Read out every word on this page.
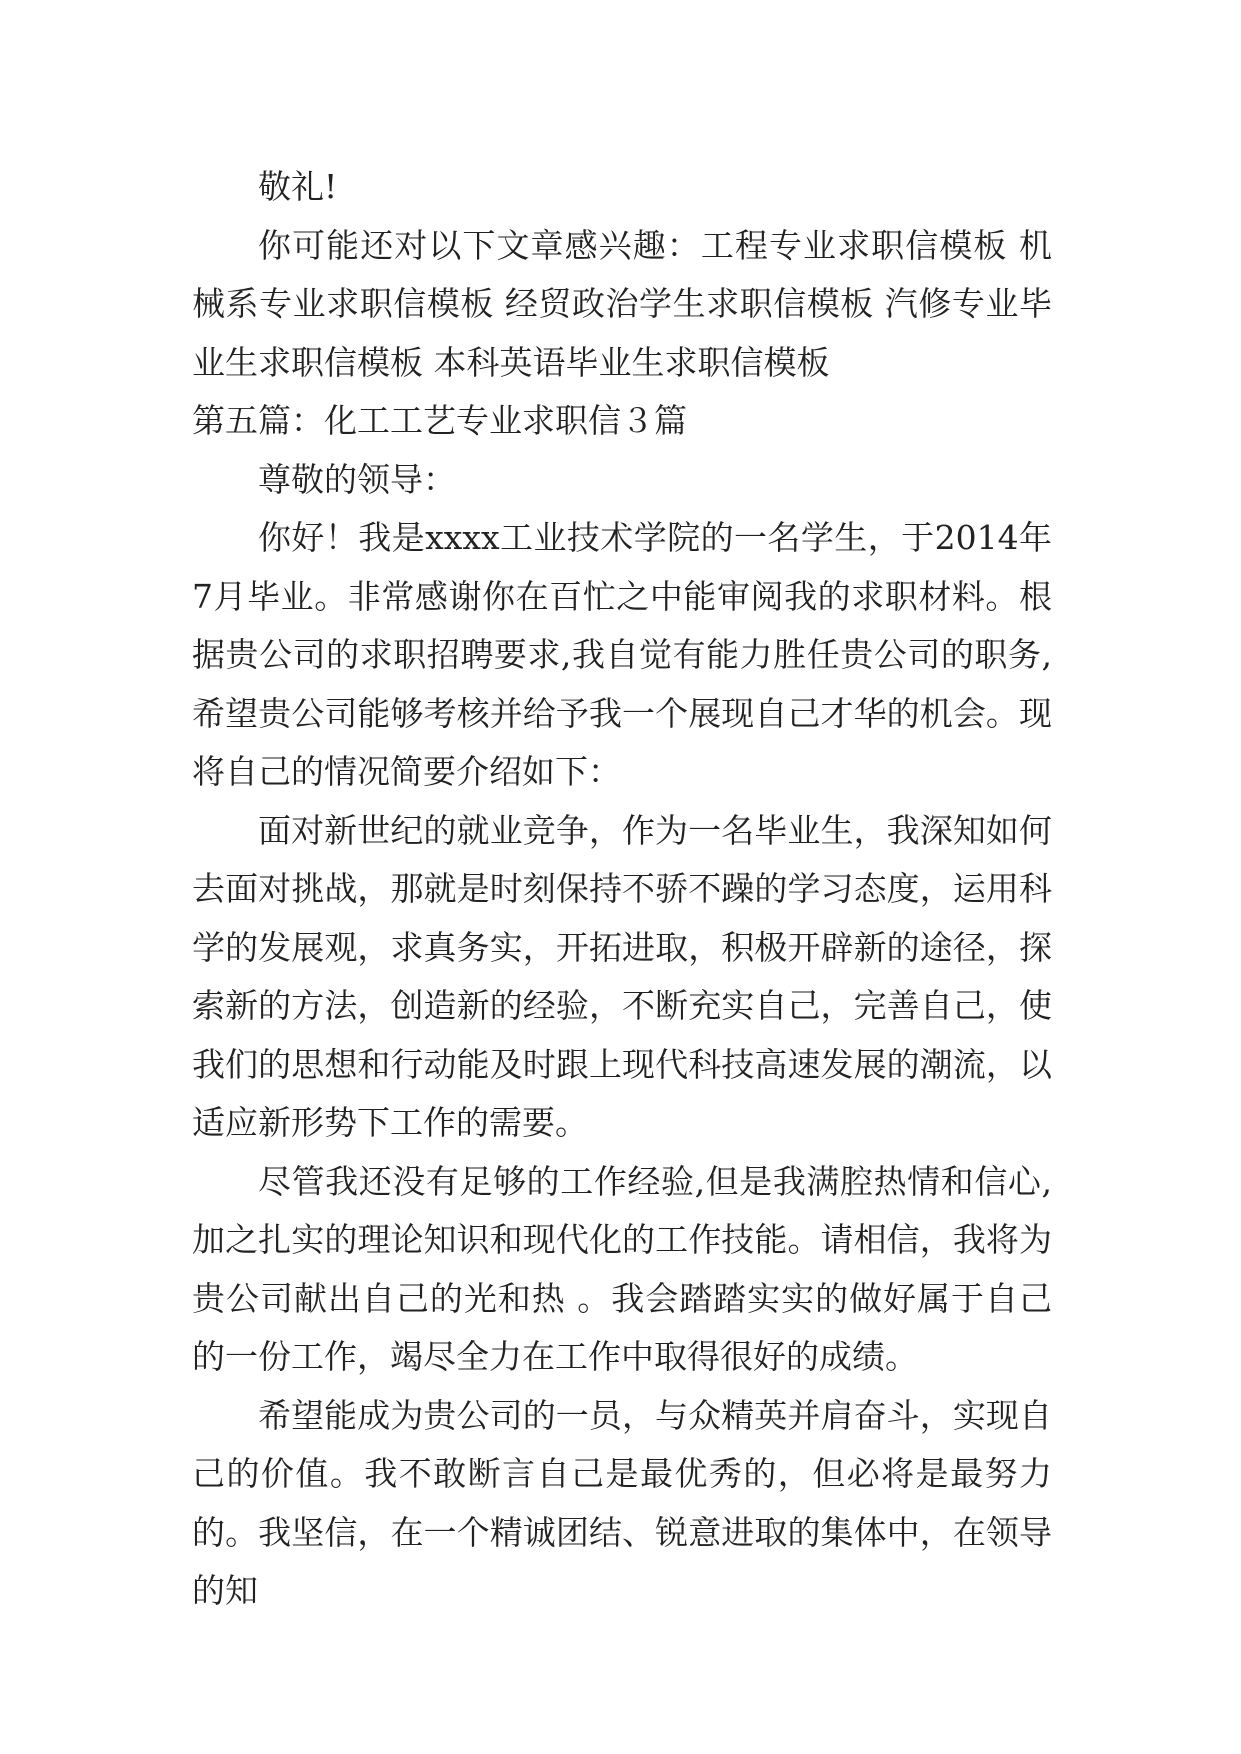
敬礼!

你可能还对以下文章感兴趣：工程专业求职信模板 机械系专业求职信模板 经贸政治学生求职信模板 汽修专业毕业生求职信模板 本科英语毕业生求职信模板

第五篇：化工工艺专业求职信３篇

尊敬的领导：

你好！我是xxxx工业技术学院的一名学生，于2014年7月毕业。非常感谢你在百忙之中能审阅我的求职材料。根据贵公司的求职招聘要求,我自觉有能力胜任贵公司的职务,希望贵公司能够考核并给予我一个展现自己才华的机会。现将自己的情况简要介绍如下：

面对新世纪的就业竞争，作为一名毕业生，我深知如何去面对挑战，那就是时刻保持不骄不躁的学习态度，运用科学的发展观，求真务实，开拓进取，积极开辟新的途径，探索新的方法，创造新的经验，不断充实自己，完善自己，使我们的思想和行动能及时跟上现代科技高速发展的潮流，以适应新形势下工作的需要。

尽管我还没有足够的工作经验,但是我满腔热情和信心,加之扎实的理论知识和现代化的工作技能。请相信，我将为贵公司献出自己的光和热 。我会踏踏实实的做好属于自己的一份工作，竭尽全力在工作中取得很好的成绩。

希望能成为贵公司的一员，与众精英并肩奋斗，实现自己的价值。我不敢断言自己是最优秀的，但必将是最努力的。我坚信，在一个精诚团结、锐意进取的集体中，在领导的知
